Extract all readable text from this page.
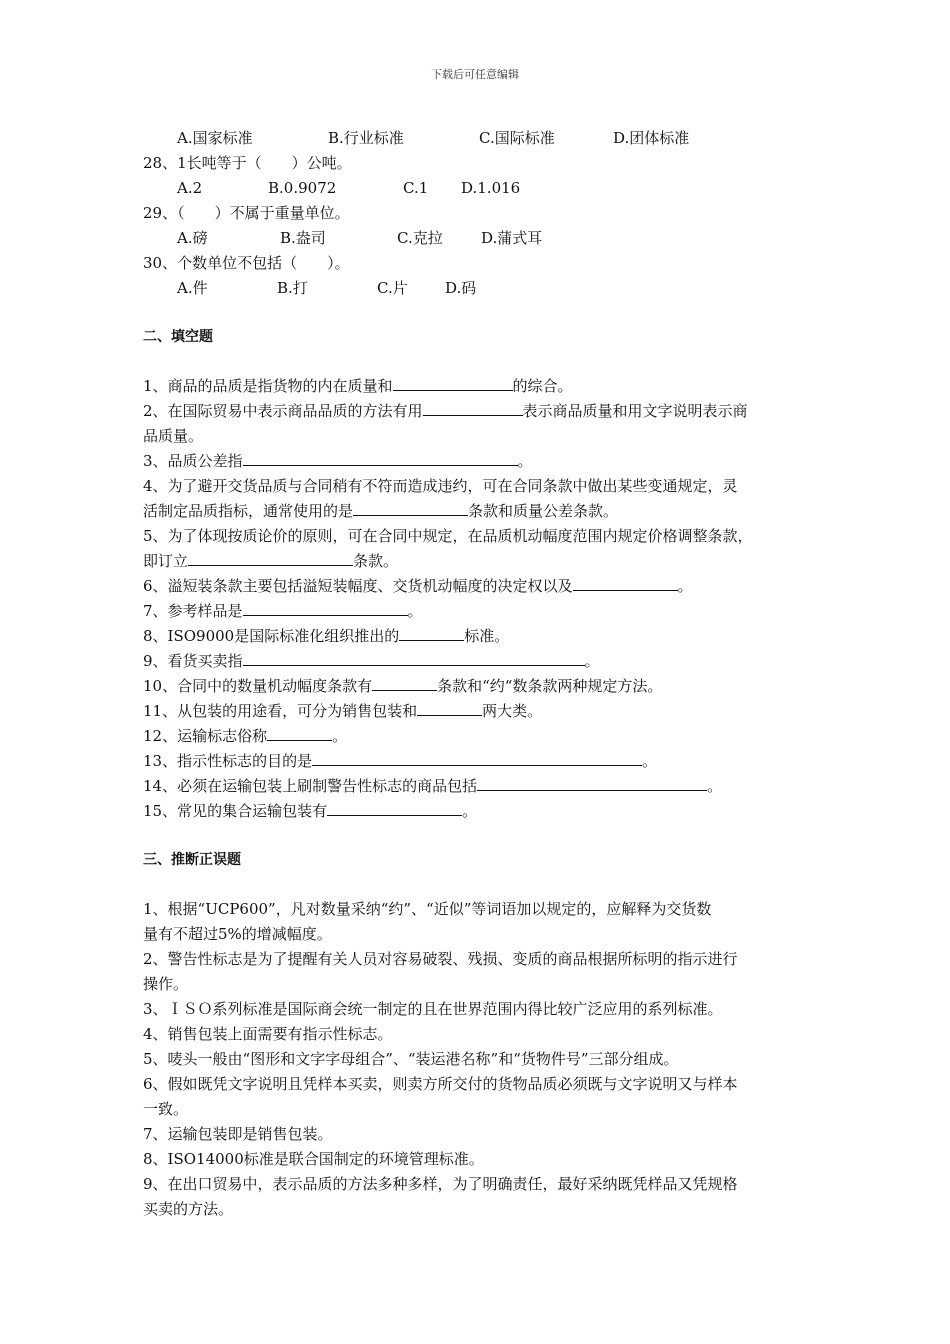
下载后可任意编辑
A.国家标准	B.行业标准	C.国际标准	D.团体标准
28、1长吨等于（　　）公吨。
A.2	B.0.9072	C.1 D.1.016
29、（　　）不属于重量单位。
A.磅	B.盎司	C.克拉	D.蒲式耳
30、个数单位不包括（　　）。
A.件	B.打	C.片 D.码
二、填空题
1、商品的品质是指货物的内在质量和	的综合。
2、在国际贸易中表示商品品质的方法有用	表示商品质量和用文字说明表示商
品质量。
3、品质公差指	。
4、为了避开交货品质与合同稍有不符而造成违约，可在合同条款中做出某些变通规定，灵
活制定品质指标，通常使用的是	条款和质量公差条款。
5、为了体现按质论价的原则，可在合同中规定，在品质机动幅度范围内规定价格调整条款，
即订立	条款。
6、溢短装条款主要包括溢短装幅度、交货机动幅度的决定权以及	。
7、参考样品是	。
8、ISO9000是国际标准化组织推出的	标准。
9、看货买卖指	。
10、合同中的数量机动幅度条款有	条款和“约“数条款两种规定方法。
11、从包装的用途看，可分为销售包装和	两大类。
12、运输标志俗称	。
13、指示性标志的目的是	。
14、必须在运输包装上刷制警告性标志的商品包括	。
15、常见的集合运输包装有	。
三、推断正误题
1、根据“UCP600”，凡对数量采纳“约”、“近似”等词语加以规定的，应解释为交货数
量有不超过5%的增减幅度。
2、警告性标志是为了提醒有关人员对容易破裂、残损、变质的商品根据所标明的指示进行
操作。
3、ＩＳＯ系列标准是国际商会统一制定的且在世界范围内得比较广泛应用的系列标准。
4、销售包装上面需要有指示性标志。
5、唛头一般由“图形和文字字母组合”、“装运港名称”和“货物件号”三部分组成。
6、假如既凭文字说明且凭样本买卖，则卖方所交付的货物品质必须既与文字说明又与样本
一致。
7、运输包装即是销售包装。
8、ISO14000标准是联合国制定的环境管理标准。
9、在出口贸易中，表示品质的方法多种多样，为了明确责任，最好采纳既凭样品又凭规格
买卖的方法。
